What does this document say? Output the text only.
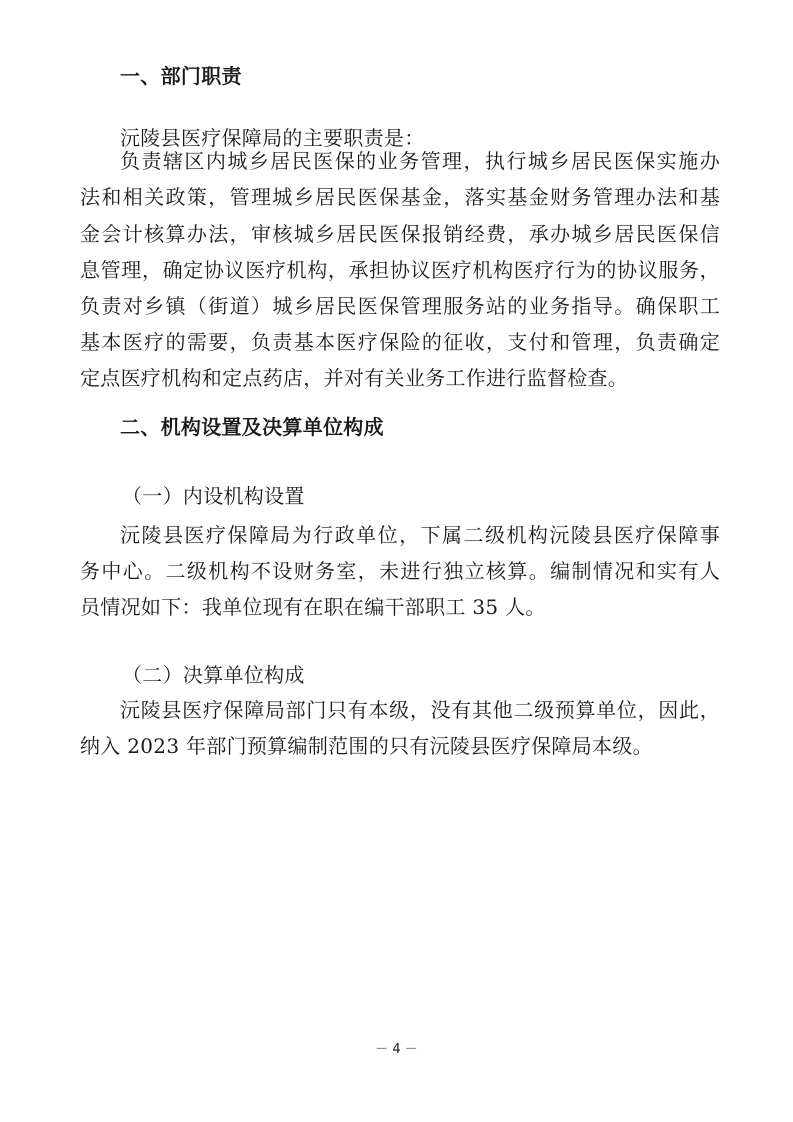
一、部门职责
沅陵县医疗保障局的主要职责是：
负责辖区内城乡居民医保的业务管理，执行城乡居民医保实施办
法和相关政策，管理城乡居民医保基金，落实基金财务管理办法和基
金会计核算办法，审核城乡居民医保报销经费，承办城乡居民医保信
息管理，确定协议医疗机构，承担协议医疗机构医疗行为的协议服务，
负责对乡镇（街道）城乡居民医保管理服务站的业务指导。确保职工
基本医疗的需要，负责基本医疗保险的征收，支付和管理，负责确定
定点医疗机构和定点药店，并对有关业务工作进行监督检查。
二、机构设置及决算单位构成
（一）内设机构设置
沅陵县医疗保障局为行政单位，下属二级机构沅陵县医疗保障事
务中心。二级机构不设财务室，未进行独立核算。编制情况和实有人
员情况如下：我单位现有在职在编干部职工 35 人。
（二）决算单位构成
沅陵县医疗保障局部门只有本级，没有其他二级预算单位，因此，
纳入 2023 年部门预算编制范围的只有沅陵县医疗保障局本级。
－ 4 －
